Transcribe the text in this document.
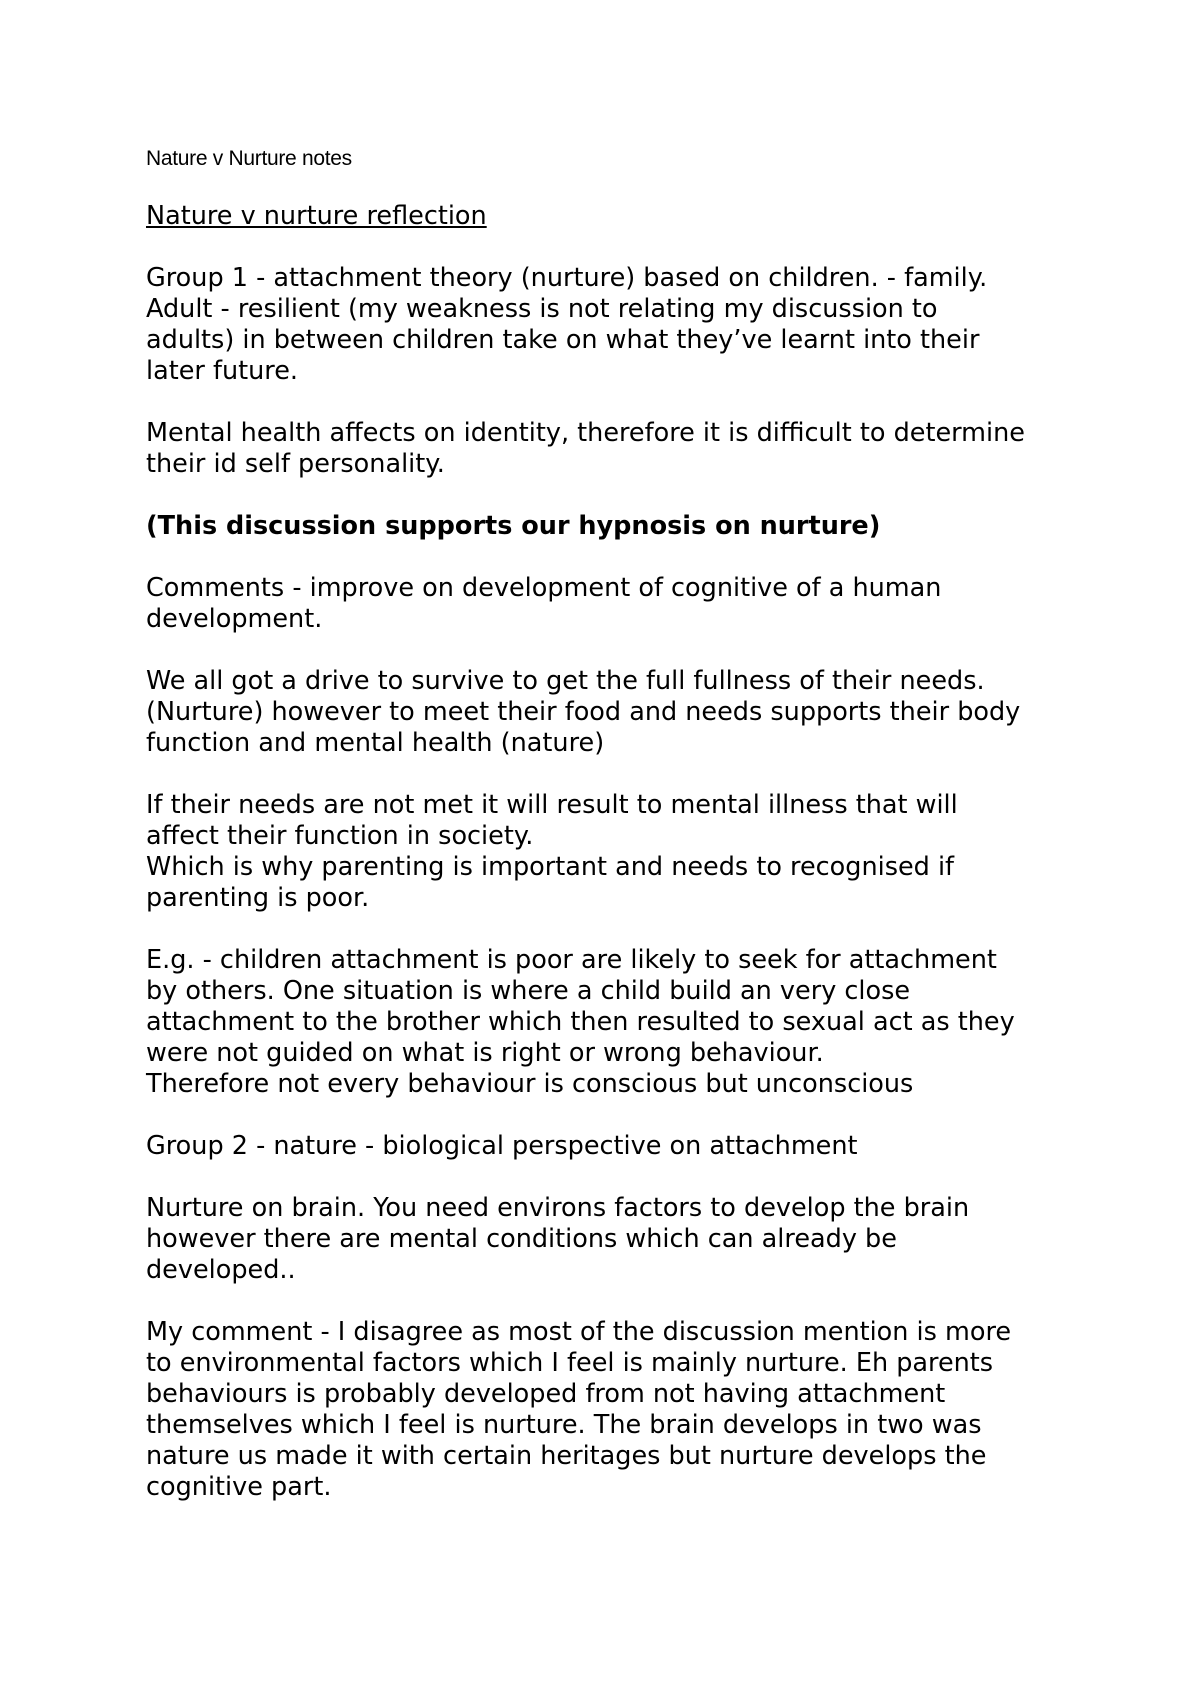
Nature v Nurture notes
Nature v nurture reflection

Group 1 - attachment theory (nurture) based on children. - family.
Adult - resilient (my weakness is not relating my discussion to
adults) in between children take on what they’ve learnt into their
later future.

Mental health affects on identity, therefore it is difficult to determine
their id self personality.

(This discussion supports our hypnosis on nurture)

Comments - improve on development of cognitive of a human
development.

We all got a drive to survive to get the full fullness of their needs.
(Nurture) however to meet their food and needs supports their body
function and mental health (nature)

If their needs are not met it will result to mental illness that will
affect their function in society.

Which is why parenting is important and needs to recognised if
parenting is poor.

E.g. - children attachment is poor are likely to seek for attachment
by others. One situation is where a child build an very close
attachment to the brother which then resulted to sexual act as they
were not guided on what is right or wrong behaviour.

Therefore not every behaviour is conscious but unconscious

Group 2 - nature - biological perspective on attachment

Nurture on brain. You need environs factors to develop the brain
however there are mental conditions which can already be
developed..

My comment - I disagree as most of the discussion mention is more
to environmental factors which I feel is mainly nurture. Eh parents
behaviours is probably developed from not having attachment
themselves which I feel is nurture. The brain develops in two was
nature us made it with certain heritages but nurture develops the
cognitive part.
